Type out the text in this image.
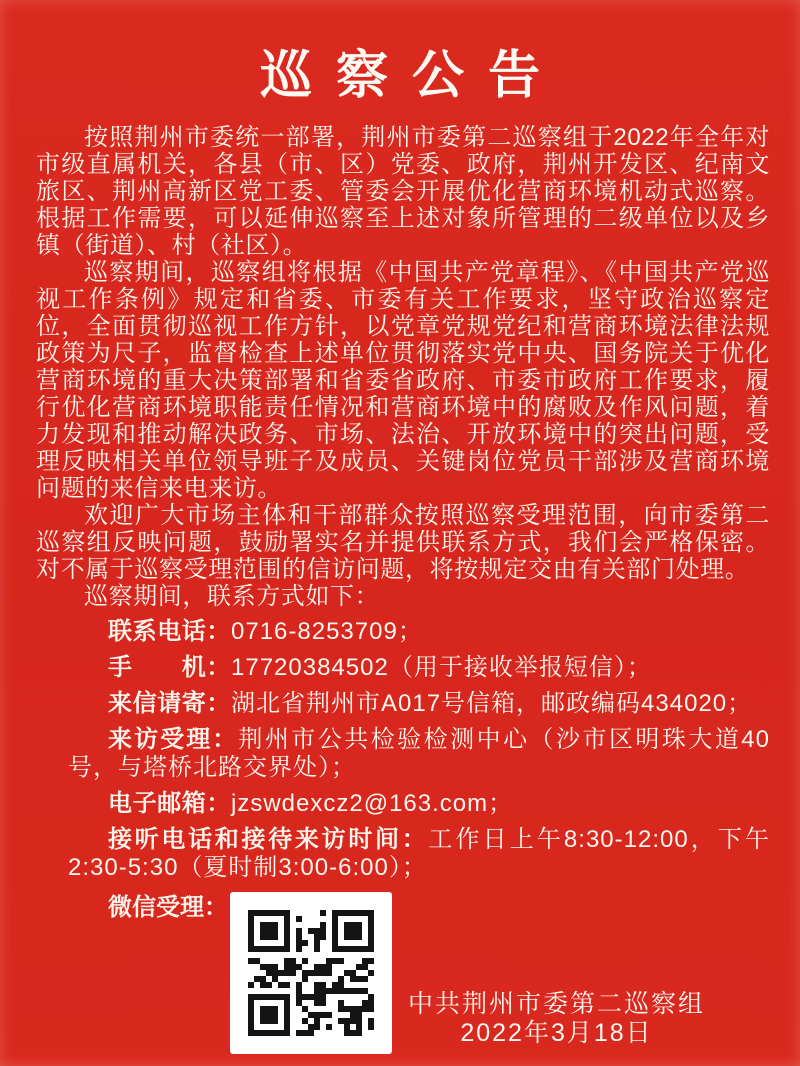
巡察公告

按照荆州市委统一部署，荆州市委第二巡察组于2022年全年对市级直属机关，各县（市、区）党委、政府，荆州开发区、纪南文旅区、荆州高新区党工委、管委会开展优化营商环境机动式巡察。根据工作需要，可以延伸巡察至上述对象所管理的二级单位以及乡镇（街道）、村（社区）。

巡察期间，巡察组将根据《中国共产党章程》、《中国共产党巡视工作条例》规定和省委、市委有关工作要求，坚守政治巡察定位，全面贯彻巡视工作方针，以党章党规党纪和营商环境法律法规政策为尺子，监督检查上述单位贯彻落实党中央、国务院关于优化营商环境的重大决策部署和省委省政府、市委市政府工作要求，履行优化营商环境职能责任情况和营商环境中的腐败及作风问题，着力发现和推动解决政务、市场、法治、开放环境中的突出问题，受理反映相关单位领导班子及成员、关键岗位党员干部涉及营商环境问题的来信来电来访。

欢迎广大市场主体和干部群众按照巡察受理范围，向市委第二巡察组反映问题，鼓励署实名并提供联系方式，我们会严格保密。对不属于巡察受理范围的信访问题，将按规定交由有关部门处理。

巡察期间，联系方式如下：

联系电话：0716-8253709；

手　　机：17720384502（用于接收举报短信）；

来信请寄：湖北省荆州市A017号信箱，邮政编码434020；

来访受理：荆州市公共检验检测中心（沙市区明珠大道40号，与塔桥北路交界处）；

电子邮箱：jzswdexcz2@163.com；

接听电话和接待来访时间：工作日上午8:30-12:00，下午2:30-5:30（夏时制3:00-6:00）；

微信受理：
中共荆州市委第二巡察组
2022年3月18日
